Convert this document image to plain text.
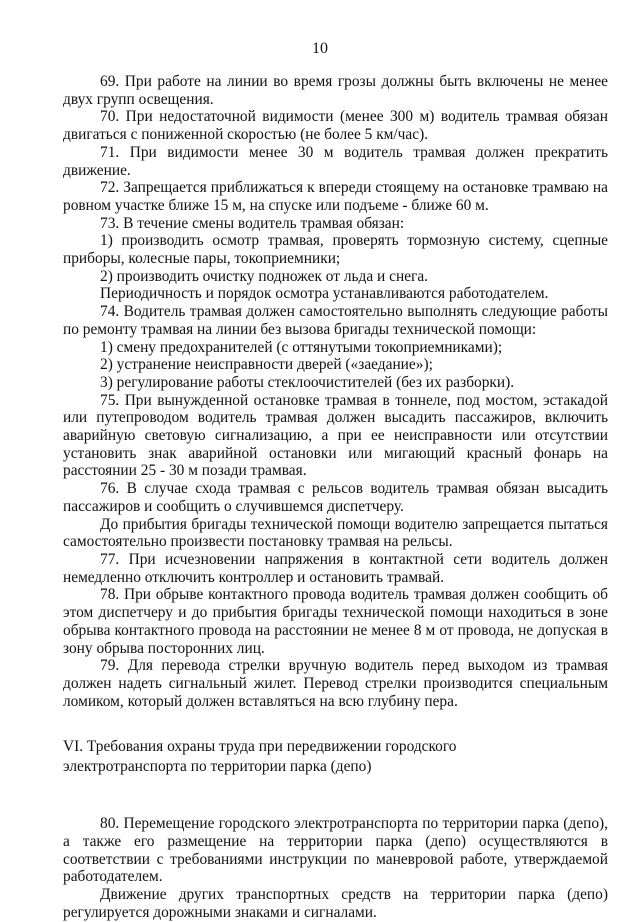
10

69. При работе на линии во время грозы должны быть включены не менее двух групп освещения.

70. При недостаточной видимости (менее 300 м) водитель трамвая обязан двигаться с пониженной скоростью (не более 5 км/час).

71. При видимости менее 30 м водитель трамвая должен прекратить движение.

72. Запрещается приближаться к впереди стоящему на остановке трамваю на ровном участке ближе 15 м, на спуске или подъеме - ближе 60 м.

73. В течение смены водитель трамвая обязан:

1) производить осмотр трамвая, проверять тормозную систему, сцепные приборы, колесные пары, токоприемники;

2) производить очистку подножек от льда и снега.

Периодичность и порядок осмотра устанавливаются работодателем.

74. Водитель трамвая должен самостоятельно выполнять следующие работы по ремонту трамвая на линии без вызова бригады технической помощи:

1) смену предохранителей (с оттянутыми токоприемниками);

2) устранение неисправности дверей («заедание»);

3) регулирование работы стеклоочистителей (без их разборки).

75. При вынужденной остановке трамвая в тоннеле, под мостом, эстакадой или путепроводом водитель трамвая должен высадить пассажиров, включить аварийную световую сигнализацию, а при ее неисправности или отсутствии установить знак аварийной остановки или мигающий красный фонарь на расстоянии 25 - 30 м позади трамвая.

76. В случае схода трамвая с рельсов водитель трамвая обязан высадить пассажиров и сообщить о случившемся диспетчеру.

До прибытия бригады технической помощи водителю запрещается пытаться самостоятельно произвести постановку трамвая на рельсы.

77. При исчезновении напряжения в контактной сети водитель должен немедленно отключить контроллер и остановить трамвай.

78. При обрыве контактного провода водитель трамвая должен сообщить об этом диспетчеру и до прибытия бригады технической помощи находиться в зоне обрыва контактного провода на расстоянии не менее 8 м от провода, не допуская в зону обрыва посторонних лиц.

79. Для перевода стрелки вручную водитель перед выходом из трамвая должен надеть сигнальный жилет. Перевод стрелки производится специальным ломиком, который должен вставляться на всю глубину пера.

VI. Требования охраны труда при передвижении городского
электротранспорта по территории парка (депо)

80. Перемещение городского электротранспорта по территории парка (депо), а также его размещение на территории парка (депо) осуществляются в соответствии с требованиями инструкции по маневровой работе, утверждаемой работодателем.

Движение других транспортных средств на территории парка (депо) регулируется дорожными знаками и сигналами.
